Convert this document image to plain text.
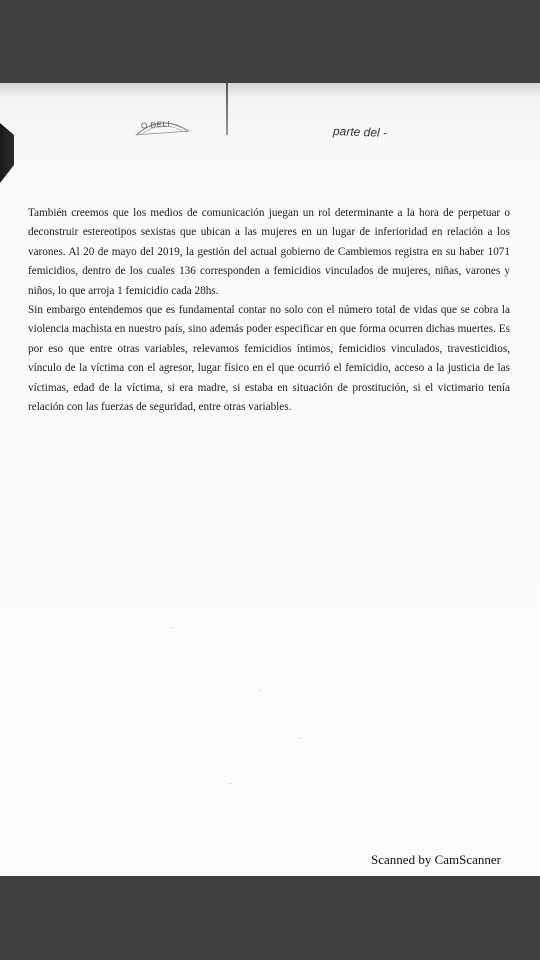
O DELI	parte del -

También creemos que los medios de comunicación juegan un rol determinante a la hora de perpetuar o deconstruir estereotipos sexistas que ubican a las mujeres en un lugar de inferioridad en relación a los varones. Al 20 de mayo del 2019, la gestión del actual gobierno de Cambiemos registra en su haber 1071 femicidios, dentro de los cuales 136 corresponden a femicidios vinculados de mujeres, niñas, varones y niños, lo que arroja 1 femicidio cada 28hs.

Sin embargo entendemos que es fundamental contar no solo con el número total de vidas que se cobra la violencia machista en nuestro país, sino además poder especificar en que forma ocurren dichas muertes. Es por eso que entre otras variables, relevamos femicidios íntimos, femicidios vinculados, travesticidios, vínculo de la víctima con el agresor, lugar físico en el que ocurrió el femicidio, acceso a la justicia de las víctimas, edad de la víctima, si era madre, si estaba en situación de prostitución, si el victimario tenía relación con las fuerzas de seguridad, entre otras variables.

Scanned by CamScanner
